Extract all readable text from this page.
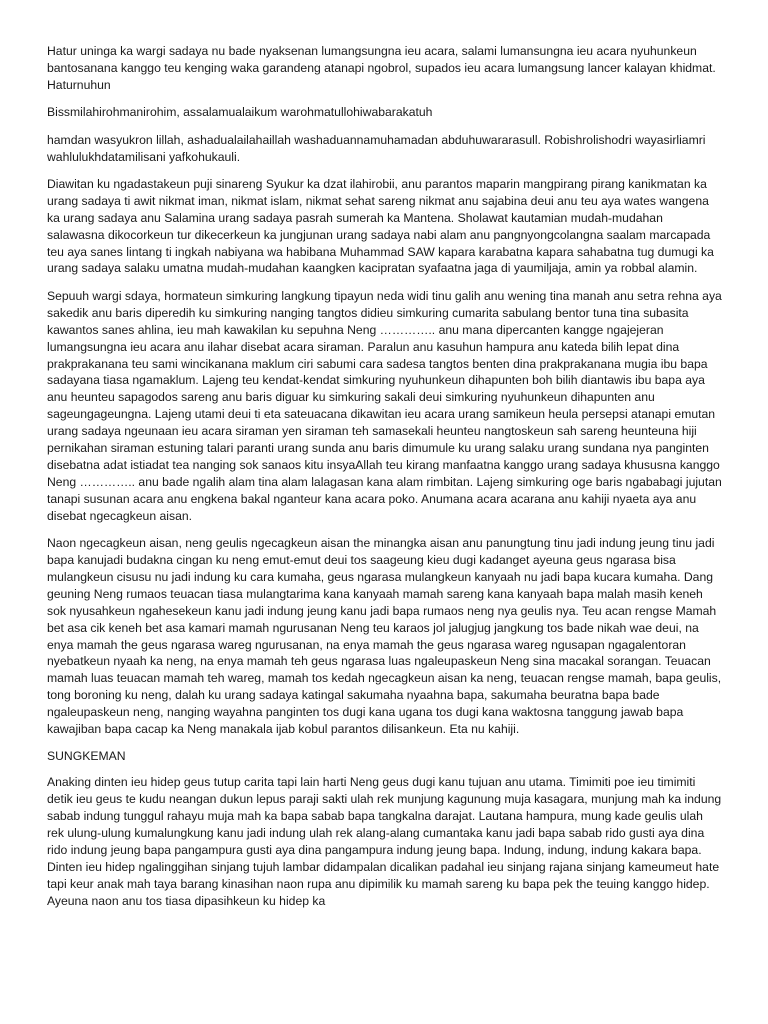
Hatur uninga ka wargi sadaya nu bade nyaksenan lumangsungna ieu acara, salami lumansungna ieu acara nyuhunkeun bantosanana kanggo teu kenging waka garandeng atanapi ngobrol, supados ieu acara lumangsung lancer kalayan khidmat. Haturnuhun

Bissmilahirohmanirohim, assalamualaikum warohmatullohiwabarakatuh

hamdan wasyukron lillah, ashadualailahaillah washaduannamuhamadan abduhuwararasull. Robishrolishodri wayasirliamri wahlulukhdatamilisani yafkohukauli.

Diawitan ku ngadastakeun puji sinareng Syukur ka dzat ilahirobii, anu parantos maparin mangpirang pirang kanikmatan ka urang sadaya ti awit nikmat iman, nikmat islam, nikmat sehat sareng nikmat anu sajabina deui anu teu aya wates wangena ka urang sadaya anu Salamina urang sadaya pasrah sumerah ka Mantena. Sholawat kautamian mudah-mudahan salawasna dikocorkeun tur dikecerkeun ka jungjunan urang sadaya nabi alam anu pangnyongcolangna saalam marcapada teu aya sanes lintang ti ingkah nabiyana wa habibana Muhammad SAW kapara karabatna kapara sahabatna tug dumugi ka urang sadaya salaku umatna mudah-mudahan kaangken kacipratan syafaatna jaga di yaumiljaja, amin ya robbal alamin.

Sepuuh wargi sdaya, hormateun simkuring langkung tipayun neda widi tinu galih anu wening tina manah anu setra rehna aya sakedik anu baris diperedih ku simkuring nanging tangtos didieu simkuring cumarita sabulang bentor tuna tina subasita kawantos sanes ahlina, ieu mah kawakilan ku sepuhna Neng ………….. anu mana dipercanten kangge ngajejeran lumangsungna ieu acara anu ilahar disebat acara siraman. Paralun anu kasuhun hampura anu kateda bilih lepat dina prakprakanana teu sami wincikanana maklum ciri sabumi cara sadesa tangtos benten dina prakprakanana mugia ibu bapa sadayana tiasa ngamaklum. Lajeng teu kendat-kendat simkuring nyuhunkeun dihapunten boh bilih diantawis ibu bapa aya anu heunteu sapagodos sareng anu baris diguar ku simkuring sakali deui simkuring nyuhunkeun dihapunten anu sageungageungna. Lajeng utami deui ti eta sateuacana dikawitan ieu acara urang samikeun heula persepsi atanapi emutan urang sadaya ngeunaan ieu acara siraman yen siraman teh samasekali heunteu nangtoskeun sah sareng heunteuna hiji pernikahan siraman estuning talari paranti urang sunda anu baris dimumule ku urang salaku urang sundana nya panginten disebatna adat istiadat tea nanging sok sanaos kitu insyaAllah teu kirang manfaatna kanggo urang sadaya khususna kanggo Neng ………….. anu bade ngalih alam tina alam lalagasan kana alam rimbitan. Lajeng simkuring oge baris ngababagi jujutan tanapi susunan acara anu engkena bakal nganteur kana acara poko. Anumana acara acarana anu kahiji nyaeta aya anu disebat ngecagkeun aisan.

Naon ngecagkeun aisan, neng geulis ngecagkeun aisan the minangka aisan anu panungtung tinu jadi indung jeung tinu jadi bapa kanujadi budakna cingan ku neng emut-emut deui tos saageung kieu dugi kadanget ayeuna geus ngarasa bisa mulangkeun cisusu nu jadi indung ku cara kumaha, geus ngarasa mulangkeun kanyaah nu jadi bapa kucara kumaha. Dang geuning Neng rumaos teuacan tiasa mulangtarima kana kanyaah mamah sareng kana kanyaah bapa malah masih keneh sok nyusahkeun ngahesekeun kanu jadi indung jeung kanu jadi bapa rumaos neng nya geulis nya. Teu acan rengse Mamah bet asa cik keneh bet asa kamari mamah ngurusanan Neng teu karaos jol jalugjug jangkung tos bade nikah wae deui, na enya mamah the geus ngarasa wareg ngurusanan, na enya mamah the geus ngarasa wareg ngusapan ngagalentoran nyebatkeun nyaah ka neng, na enya mamah teh geus ngarasa luas ngaleupaskeun Neng sina macakal sorangan. Teuacan mamah luas teuacan mamah teh wareg, mamah tos kedah ngecagkeun aisan ka neng, teuacan rengse mamah, bapa geulis, tong boroning ku neng, dalah ku urang sadaya katingal sakumaha nyaahna bapa, sakumaha beuratna bapa bade ngaleupaskeun neng, nanging wayahna panginten tos dugi kana ugana tos dugi kana waktosna tanggung jawab bapa kawajiban bapa cacap ka Neng manakala ijab kobul parantos dilisankeun. Eta nu kahiji.

SUNGKEMAN

Anaking dinten ieu hidep geus tutup carita tapi lain harti Neng geus dugi kanu tujuan anu utama. Timimiti poe ieu timimiti detik ieu geus te kudu neangan dukun lepus paraji sakti ulah rek munjung kagunung muja kasagara, munjung mah ka indung sabab indung tunggul rahayu muja mah ka bapa sabab bapa tangkalna darajat. Lautana hampura, mung kade geulis ulah rek ulung-ulung kumalungkung kanu jadi indung ulah rek alang-alang cumantaka kanu jadi bapa sabab rido gusti aya dina rido indung jeung bapa pangampura gusti aya dina pangampura indung jeung bapa. Indung, indung, indung kakara bapa. Dinten ieu hidep ngalinggihan sinjang tujuh lambar didampalan dicalikan padahal ieu sinjang rajana sinjang kameumeut hate tapi keur anak mah taya barang kinasihan naon rupa anu dipimilik ku mamah sareng ku bapa pek the teuing kanggo hidep. Ayeuna naon anu tos tiasa dipasihkeun ku hidep ka
